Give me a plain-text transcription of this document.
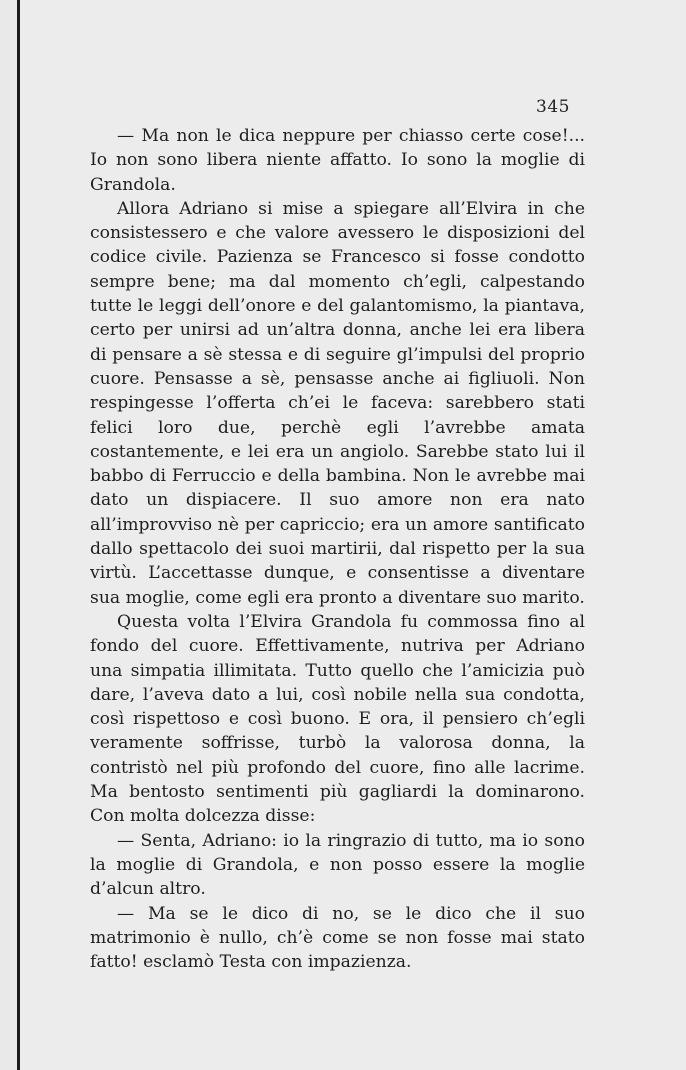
345

— Ma non le dica neppure per chiasso certe cose!... Io non sono libera niente affatto. Io sono la moglie di Grandola.

Allora Adriano si mise a spiegare all’Elvira in che consistessero e che valore avessero le disposizioni del codice civile. Pazienza se Francesco si fosse condotto sempre bene; ma dal momento ch’egli, calpestando tutte le leggi dell’onore e del galantomismo, la piantava, certo per unirsi ad un’altra donna, anche lei era libera di pensare a sè stessa e di seguire gl’impulsi del proprio cuore. Pensasse a sè, pensasse anche ai figliuoli. Non respingesse l’offerta ch’ei le faceva: sarebbero stati felici loro due, perchè egli l’avrebbe amata costantemente, e lei era un angiolo. Sarebbe stato lui il babbo di Ferruccio e della bambina. Non le avrebbe mai dato un dispiacere. Il suo amore non era nato all’improvviso nè per capriccio; era un amore santificato dallo spettacolo dei suoi martirii, dal rispetto per la sua virtù. L’accettasse dunque, e consentisse a diventare sua moglie, come egli era pronto a diventare suo marito.

Questa volta l’Elvira Grandola fu commossa fino al fondo del cuore. Effettivamente, nutriva per Adriano una simpatia illimitata. Tutto quello che l’amicizia può dare, l’aveva dato a lui, così nobile nella sua condotta, così rispettoso e così buono. E ora, il pensiero ch’egli veramente soffrisse, turbò la valorosa donna, la contristò nel più profondo del cuore, fino alle lacrime. Ma bentosto sentimenti più gagliardi la dominarono. Con molta dolcezza disse:

— Senta, Adriano: io la ringrazio di tutto, ma io sono la moglie di Grandola, e non posso essere la moglie d’alcun altro.

— Ma se le dico di no, se le dico che il suo matrimonio è nullo, ch’è come se non fosse mai stato fatto! esclamò Testa con impazienza.
